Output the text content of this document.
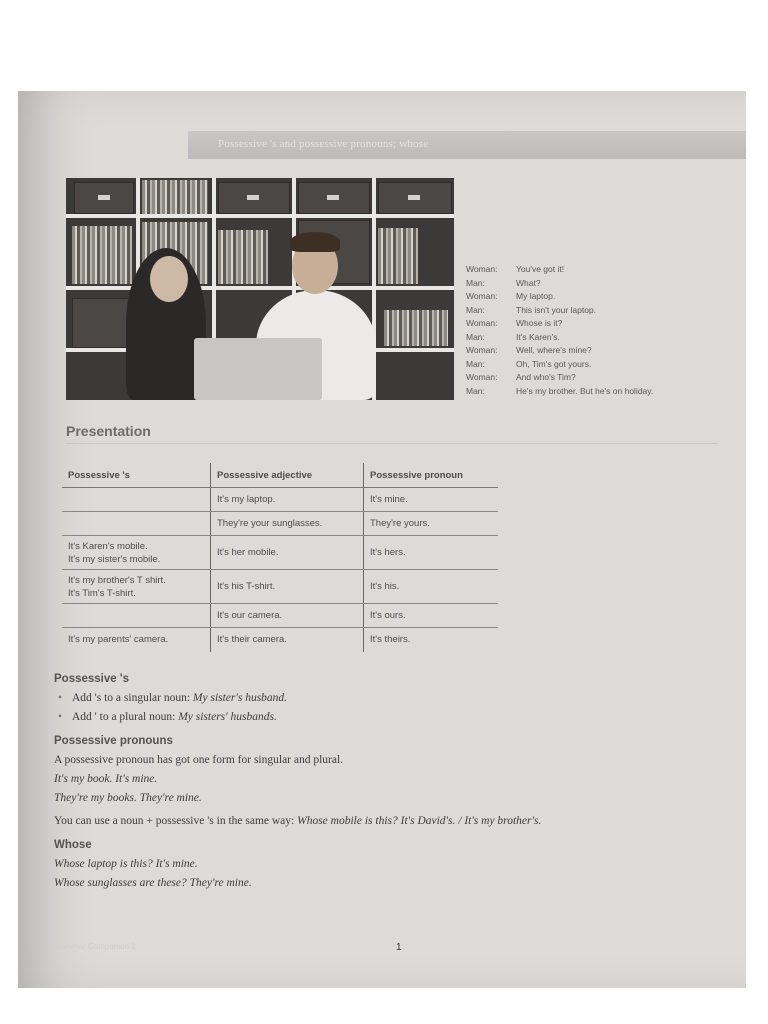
Possessive 's and possessive pronouns; whose
Woman: You've got it!
Man:	What?
Woman: My laptop.
Man:	This isn't your laptop.
Woman: Whose is it?
Man:	It's Karen's.
Woman: Well, where's mine?
Man:	Oh, Tim's got yours.
Woman: And who's Tim?
Man:	He's my brother. But he's on holiday.
Presentation
Possessive 's	Possessive adjective	Possessive pronoun
	It's my laptop.	It's mine.
	They're your sunglasses.	They're yours.
It's Karen's mobile.
It's my sister's mobile.	It's her mobile.	It's hers.
It's my brother's T shirt.
It's Tim's T-shirt.	It's his T-shirt.	It's his.
	It's our camera.	It's ours.
It's my parents' camera.	It's their camera.	It's theirs.
Possessive 's
• Add 's to a singular noun: My sister's husband.
• Add ' to a plural noun: My sisters' husbands.
Possessive pronouns
A possessive pronoun has got one form for singular and plural.
It's my book. It's mine.
They're my books. They're mine.
You can use a noun + possessive 's in the same way: Whose mobile is this? It's David's. / It's my brother's.
Whose
Whose laptop is this? It's mine.
Whose sunglasses are these? They're mine.
Grammar Companion 1	1
